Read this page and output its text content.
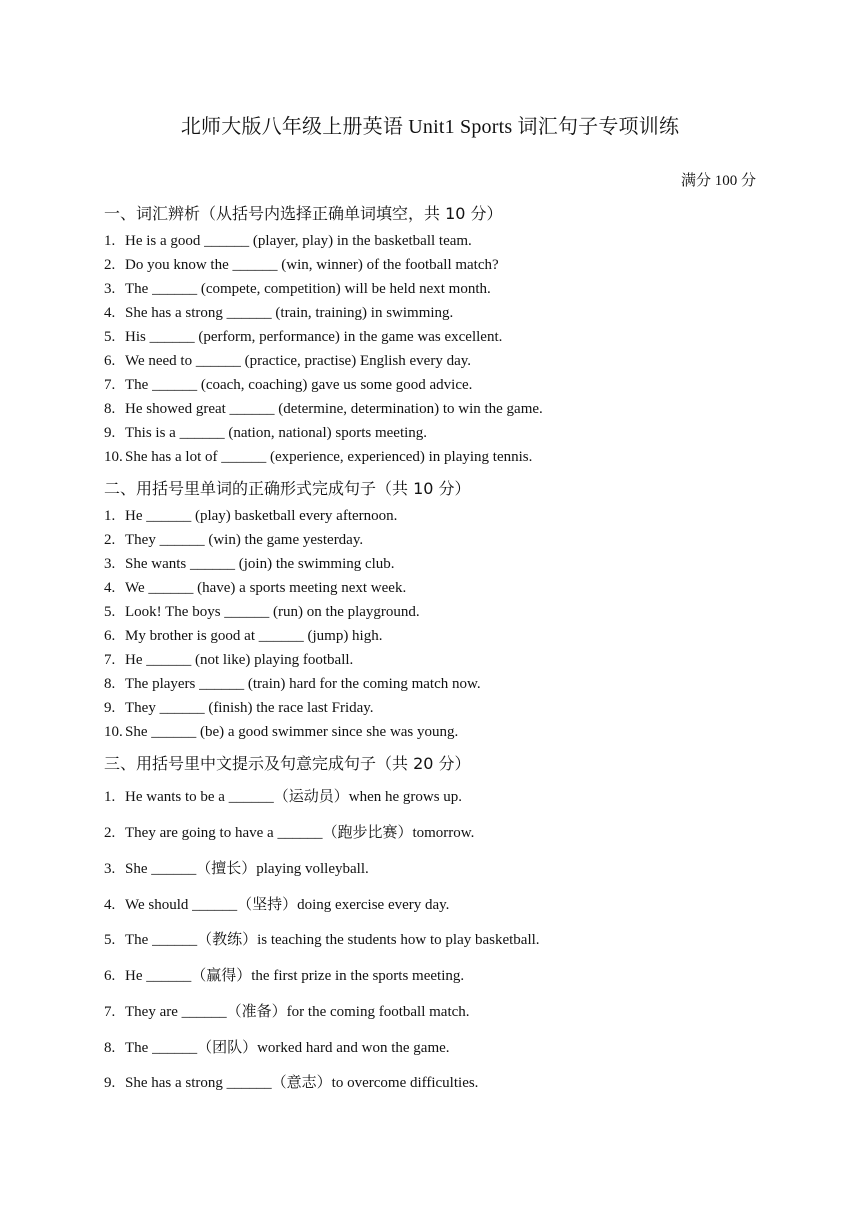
北师大版八年级上册英语 Unit1 Sports 词汇句子专项训练
满分 100 分
一、词汇辨析（从括号内选择正确单词填空，共 10 分）
1. He is a good ______ (player, play) in the basketball team.
2. Do you know the ______ (win, winner) of the football match?
3. The ______ (compete, competition) will be held next month.
4. She has a strong ______ (train, training) in swimming.
5. His ______ (perform, performance) in the game was excellent.
6. We need to ______ (practice, practise) English every day.
7. The ______ (coach, coaching) gave us some good advice.
8. He showed great ______ (determine, determination) to win the game.
9. This is a ______ (nation, national) sports meeting.
10. She has a lot of ______ (experience, experienced) in playing tennis.
二、用括号里单词的正确形式完成句子（共 10 分）
1. He ______ (play) basketball every afternoon.
2. They ______ (win) the game yesterday.
3. She wants ______ (join) the swimming club.
4. We ______ (have) a sports meeting next week.
5. Look! The boys ______ (run) on the playground.
6. My brother is good at ______ (jump) high.
7. He ______ (not like) playing football.
8. The players ______ (train) hard for the coming match now.
9. They ______ (finish) the race last Friday.
10. She ______ (be) a good swimmer since she was young.
三、用括号里中文提示及句意完成句子（共 20 分）
1. He wants to be a ______（运动员）when he grows up.
2. They are going to have a ______（跑步比赛）tomorrow.
3. She ______（擅长）playing volleyball.
4. We should ______（坚持）doing exercise every day.
5. The ______（教练）is teaching the students how to play basketball.
6. He ______（赢得）the first prize in the sports meeting.
7. They are ______（准备）for the coming football match.
8. The ______（团队）worked hard and won the game.
9. She has a strong ______（意志）to overcome difficulties.
